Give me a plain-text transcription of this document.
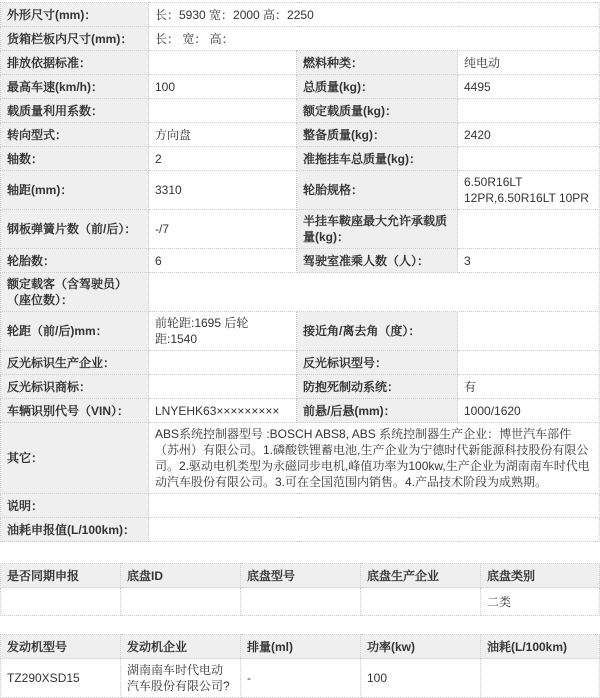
外形尺寸(mm)：	长：5930 宽：2000 高：2250		
货箱栏板内尺寸(mm)：	长： 宽： 高：		
排放依据标准：		燃料种类：	纯电动
最高车速(km/h)：	100	总质量(kg)：	4495
载质量利用系数：		额定载质量(kg)：	
转向型式：	方向盘	整备质量(kg)：	2420
轴数：	2	准拖挂车总质量(kg)：	
轴距(mm)：	3310	轮胎规格：	6.50R16LT 12PR,6.50R16LT 10PR
钢板弹簧片数（前/后）：	-/7	半挂车鞍座最大允许承载质量(kg)：	
轮胎数：	6	驾驶室准乘人数（人）：	3
额定载客（含驾驶员）（座位数）：			
轮距（前/后)mm：	前轮距:1695 后轮距:1540	接近角/离去角（度）：	
反光标识生产企业：		反光标识型号：	
反光标识商标：		防抱死制动系统：	有
车辆识别代号（VIN）：	LNYEHK63×××××××××	前悬/后悬(mm)：	1000/1620
其它：	ABS系统控制器型号 :BOSCH ABS8, ABS 系统控制器生产企业：博世汽车部件（苏州）有限公司。1.磷酸铁锂蓄电池,生产企业为宁德时代新能源科技股份有限公司。2.驱动电机类型为永磁同步电机,峰值功率为100kw,生产企业为湖南南车时代电动汽车股份有限公司。3.可在全国范围内销售。4.产品技术阶段为成熟期。		
说明：			
油耗申报值(L/100km)：			
是否同期申报	底盘ID	底盘型号	底盘生产企业	底盘类别
				二类
发动机型号	发动机企业	排量(ml)	功率(kw)	油耗(L/100km)
TZ290XSD15	湖南南车时代电动汽车股份有限公司?	-	100	
